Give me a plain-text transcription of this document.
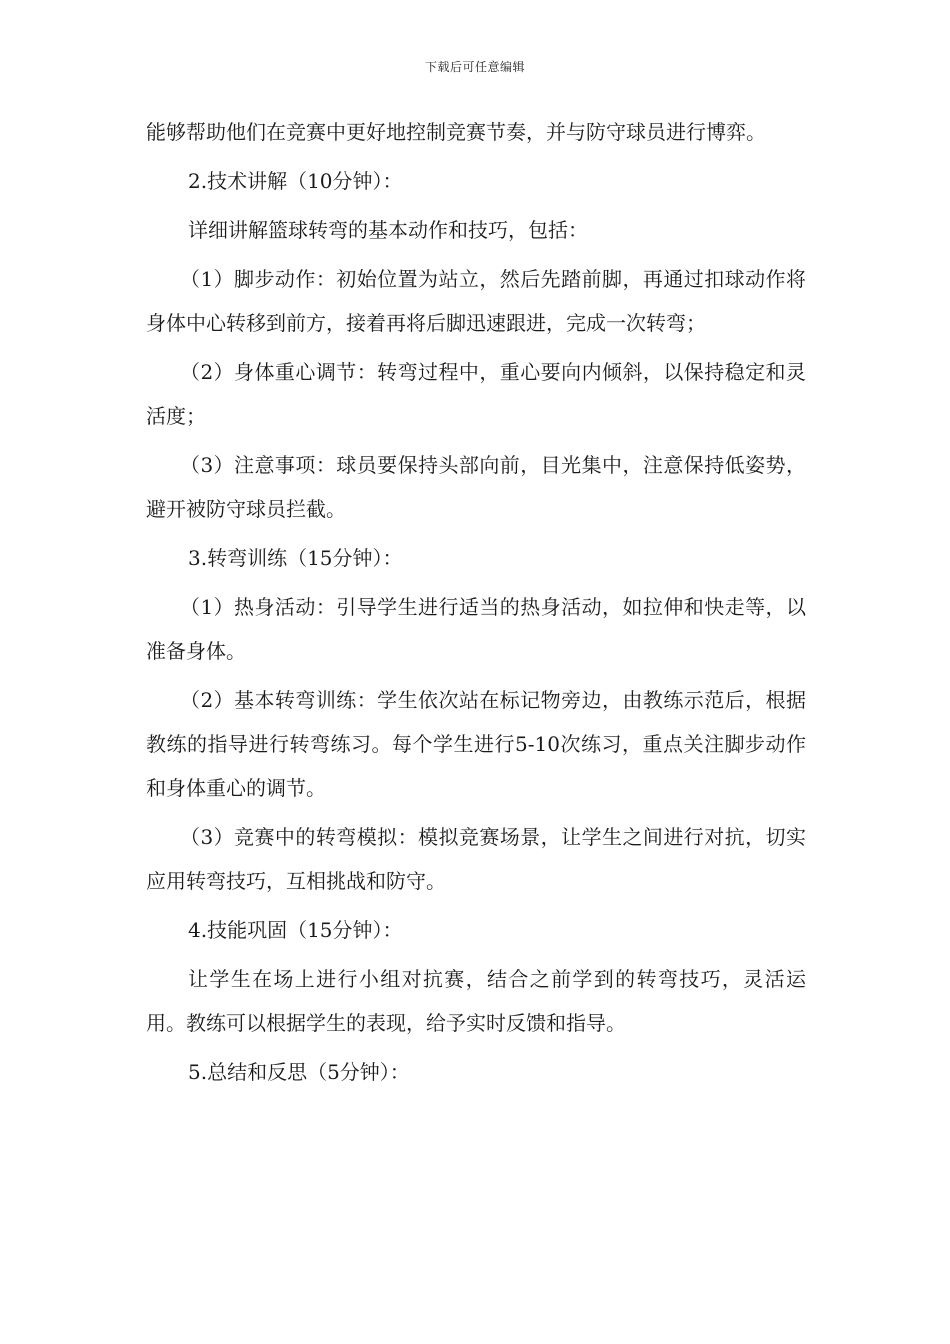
下载后可任意编辑

能够帮助他们在竞赛中更好地控制竞赛节奏，并与防守球员进行博弈。

2.技术讲解（10分钟）：

详细讲解篮球转弯的基本动作和技巧，包括：

（1）脚步动作：初始位置为站立，然后先踏前脚，再通过扣球动作将身体中心转移到前方，接着再将后脚迅速跟进，完成一次转弯；

（2）身体重心调节：转弯过程中，重心要向内倾斜，以保持稳定和灵活度；

（3）注意事项：球员要保持头部向前，目光集中，注意保持低姿势，避开被防守球员拦截。

3.转弯训练（15分钟）：

（1）热身活动：引导学生进行适当的热身活动，如拉伸和快走等，以准备身体。

（2）基本转弯训练：学生依次站在标记物旁边，由教练示范后，根据教练的指导进行转弯练习。每个学生进行5-10次练习，重点关注脚步动作和身体重心的调节。

（3）竞赛中的转弯模拟：模拟竞赛场景，让学生之间进行对抗，切实应用转弯技巧，互相挑战和防守。

4.技能巩固（15分钟）：

让学生在场上进行小组对抗赛，结合之前学到的转弯技巧，灵活运用。教练可以根据学生的表现，给予实时反馈和指导。

5.总结和反思（5分钟）：
